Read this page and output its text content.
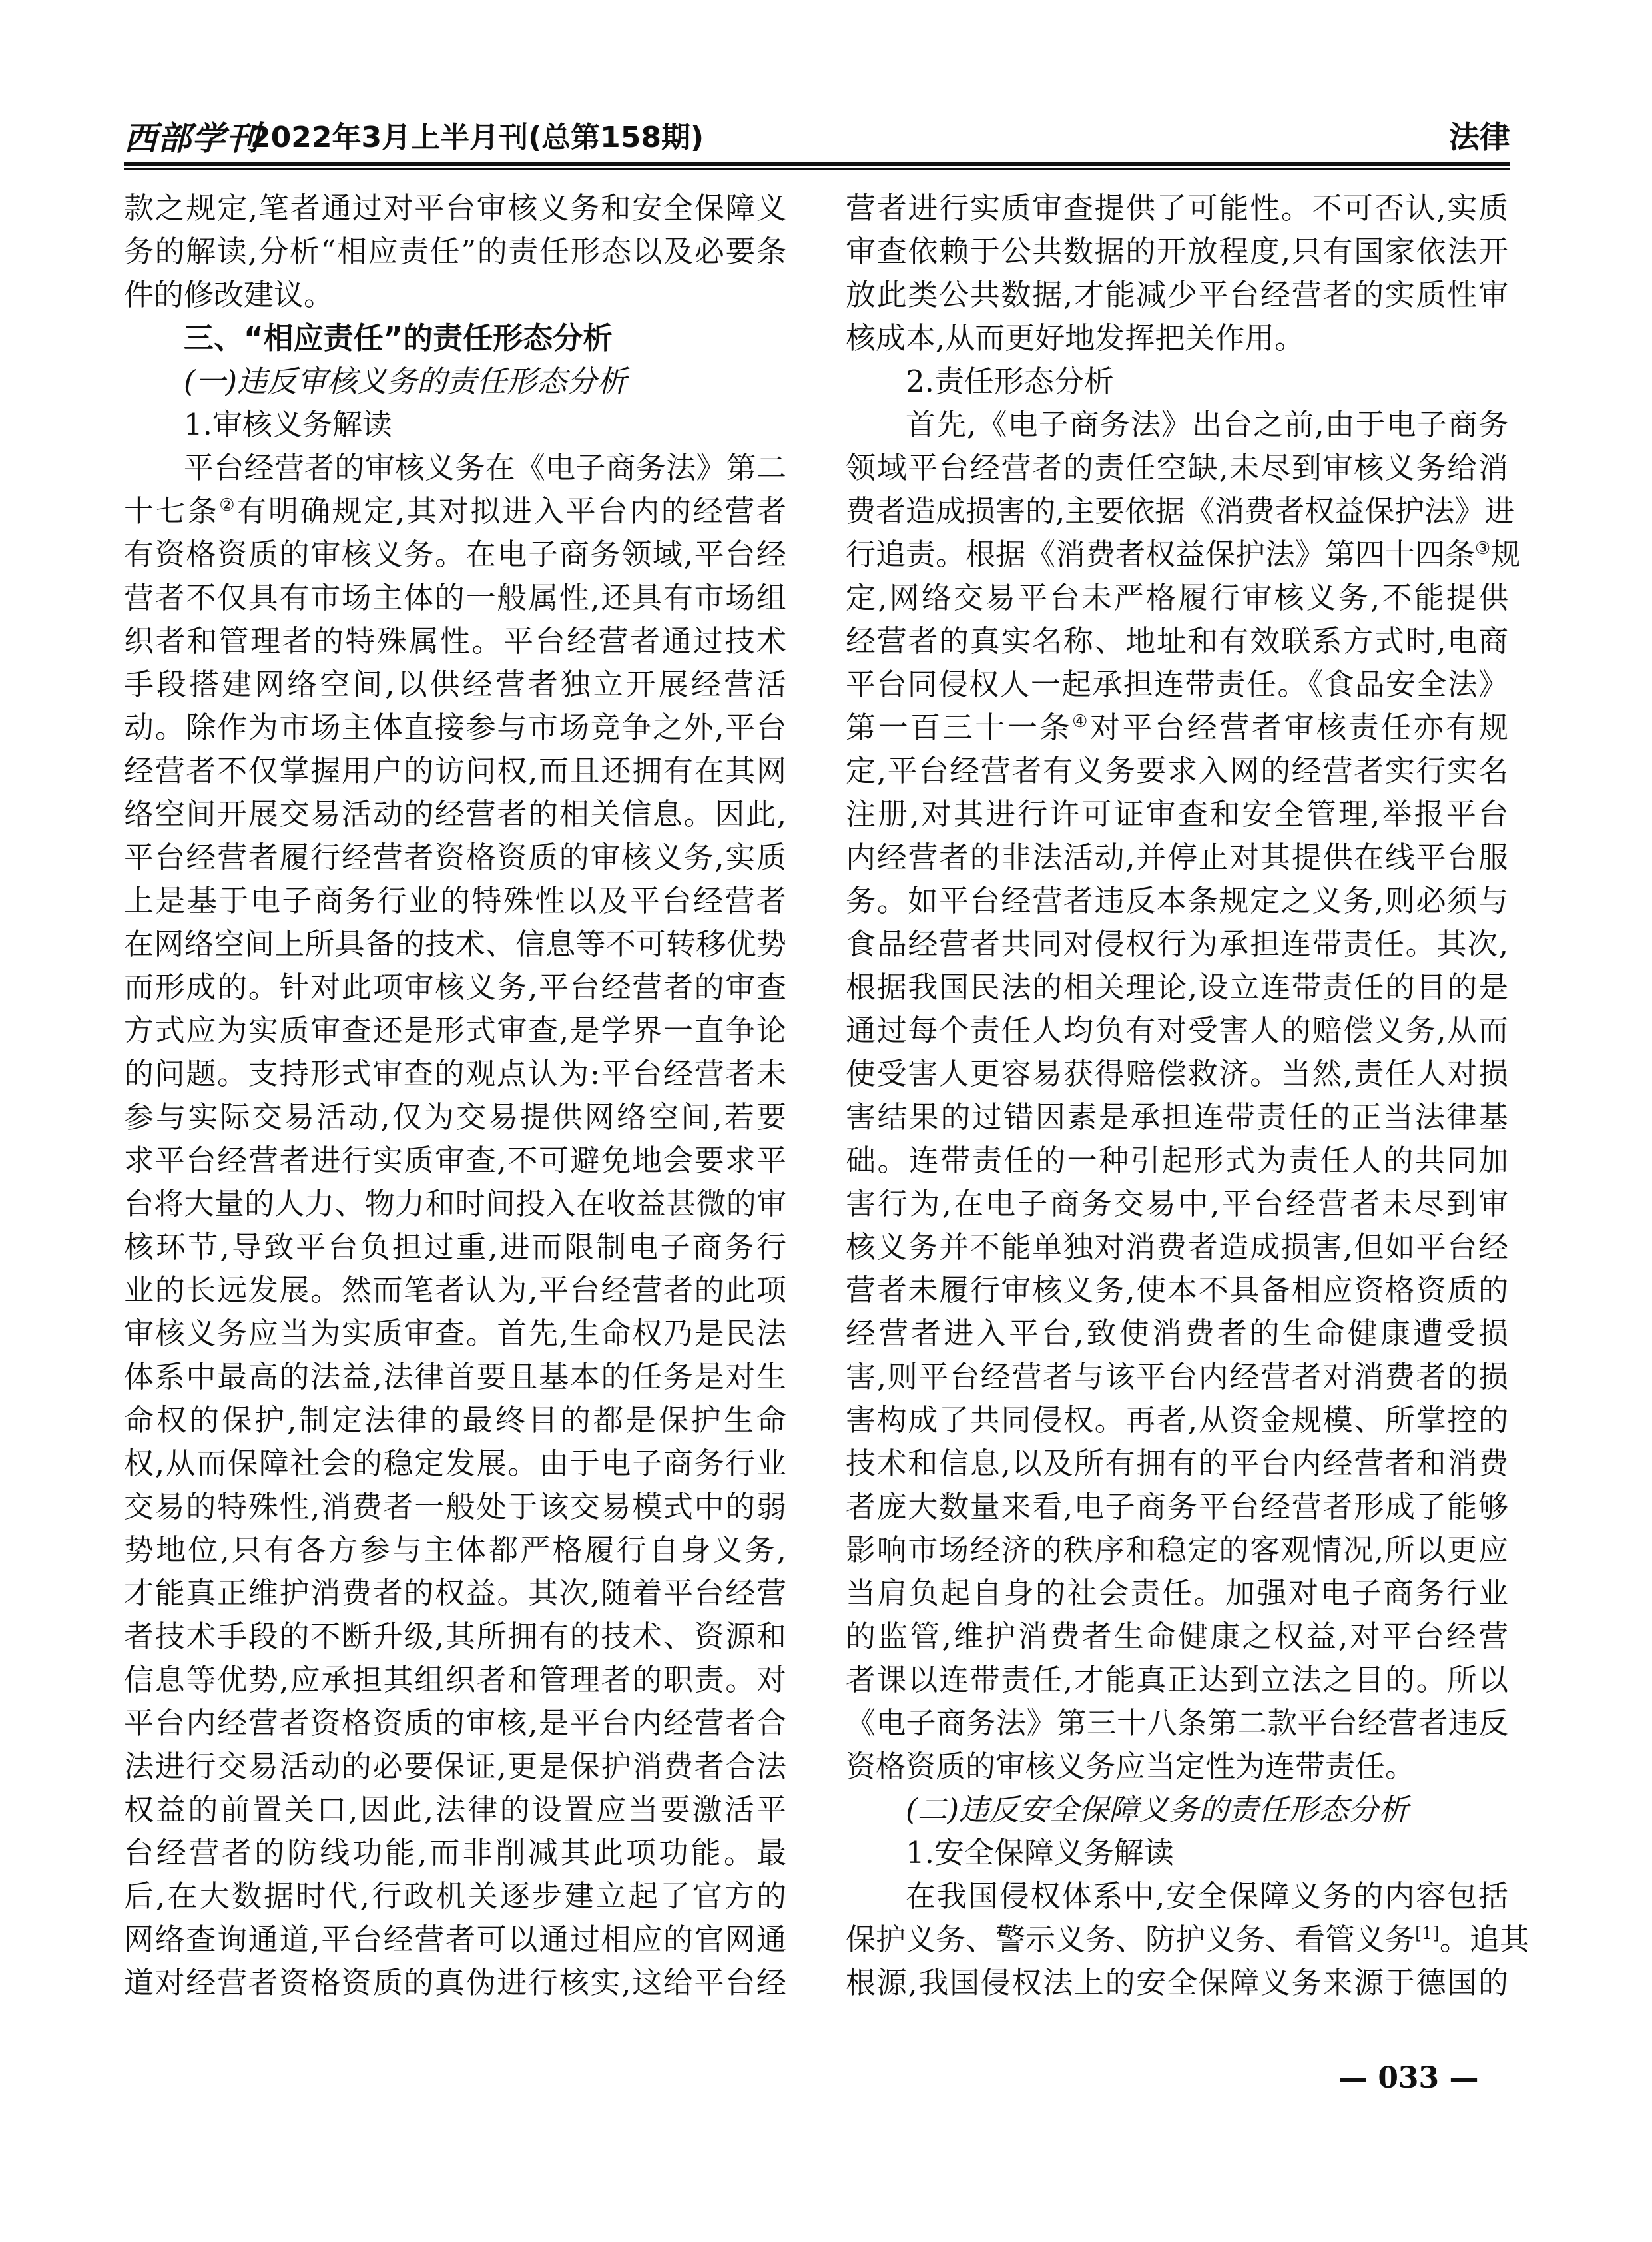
西部学刊
2022年3月上半月刊(总第158期)	法律
款之规定,笔者通过对平台审核义务和安全保障义
务的解读,分析“相应责任”的责任形态以及必要条
件的修改建议。
三、“相应责任”的责任形态分析
(一)违反审核义务的责任形态分析
1.审核义务解读
平台经营者的审核义务在《电子商务法》第二
十七条②有明确规定,其对拟进入平台内的经营者
有资格资质的审核义务。在电子商务领域,平台经
营者不仅具有市场主体的一般属性,还具有市场组
织者和管理者的特殊属性。平台经营者通过技术
手段搭建网络空间,以供经营者独立开展经营活
动。除作为市场主体直接参与市场竞争之外,平台
经营者不仅掌握用户的访问权,而且还拥有在其网
络空间开展交易活动的经营者的相关信息。因此,
平台经营者履行经营者资格资质的审核义务,实质
上是基于电子商务行业的特殊性以及平台经营者
在网络空间上所具备的技术、信息等不可转移优势
而形成的。针对此项审核义务,平台经营者的审查
方式应为实质审查还是形式审查,是学界一直争论
的问题。支持形式审查的观点认为:平台经营者未
参与实际交易活动,仅为交易提供网络空间,若要
求平台经营者进行实质审查,不可避免地会要求平
台将大量的人力、物力和时间投入在收益甚微的审
核环节,导致平台负担过重,进而限制电子商务行
业的长远发展。然而笔者认为,平台经营者的此项
审核义务应当为实质审查。首先,生命权乃是民法
体系中最高的法益,法律首要且基本的任务是对生
命权的保护,制定法律的最终目的都是保护生命
权,从而保障社会的稳定发展。由于电子商务行业
交易的特殊性,消费者一般处于该交易模式中的弱
势地位,只有各方参与主体都严格履行自身义务,
才能真正维护消费者的权益。其次,随着平台经营
者技术手段的不断升级,其所拥有的技术、资源和
信息等优势,应承担其组织者和管理者的职责。对
平台内经营者资格资质的审核,是平台内经营者合
法进行交易活动的必要保证,更是保护消费者合法
权益的前置关口,因此,法律的设置应当要激活平
台经营者的防线功能,而非削减其此项功能。最
后,在大数据时代,行政机关逐步建立起了官方的
网络查询通道,平台经营者可以通过相应的官网通
道对经营者资格资质的真伪进行核实,这给平台经
营者进行实质审查提供了可能性。不可否认,实质
审查依赖于公共数据的开放程度,只有国家依法开
放此类公共数据,才能减少平台经营者的实质性审
核成本,从而更好地发挥把关作用。
2.责任形态分析
首先,《电子商务法》出台之前,由于电子商务
领域平台经营者的责任空缺,未尽到审核义务给消
费者造成损害的,主要依据《消费者权益保护法》进
行追责。根据《消费者权益保护法》第四十四条③规
定,网络交易平台未严格履行审核义务,不能提供
经营者的真实名称、地址和有效联系方式时,电商
平台同侵权人一起承担连带责任。《食品安全法》
第一百三十一条④对平台经营者审核责任亦有规
定,平台经营者有义务要求入网的经营者实行实名
注册,对其进行许可证审查和安全管理,举报平台
内经营者的非法活动,并停止对其提供在线平台服
务。如平台经营者违反本条规定之义务,则必须与
食品经营者共同对侵权行为承担连带责任。其次,
根据我国民法的相关理论,设立连带责任的目的是
通过每个责任人均负有对受害人的赔偿义务,从而
使受害人更容易获得赔偿救济。当然,责任人对损
害结果的过错因素是承担连带责任的正当法律基
础。连带责任的一种引起形式为责任人的共同加
害行为,在电子商务交易中,平台经营者未尽到审
核义务并不能单独对消费者造成损害,但如平台经
营者未履行审核义务,使本不具备相应资格资质的
经营者进入平台,致使消费者的生命健康遭受损
害,则平台经营者与该平台内经营者对消费者的损
害构成了共同侵权。再者,从资金规模、所掌控的
技术和信息,以及所有拥有的平台内经营者和消费
者庞大数量来看,电子商务平台经营者形成了能够
影响市场经济的秩序和稳定的客观情况,所以更应
当肩负起自身的社会责任。加强对电子商务行业
的监管,维护消费者生命健康之权益,对平台经营
者课以连带责任,才能真正达到立法之目的。所以
《电子商务法》第三十八条第二款平台经营者违反
资格资质的审核义务应当定性为连带责任。
(二)违反安全保障义务的责任形态分析
1.安全保障义务解读
在我国侵权体系中,安全保障义务的内容包括
保护义务、警示义务、防护义务、看管义务[1]。追其
根源,我国侵权法上的安全保障义务来源于德国的
— 033 —
